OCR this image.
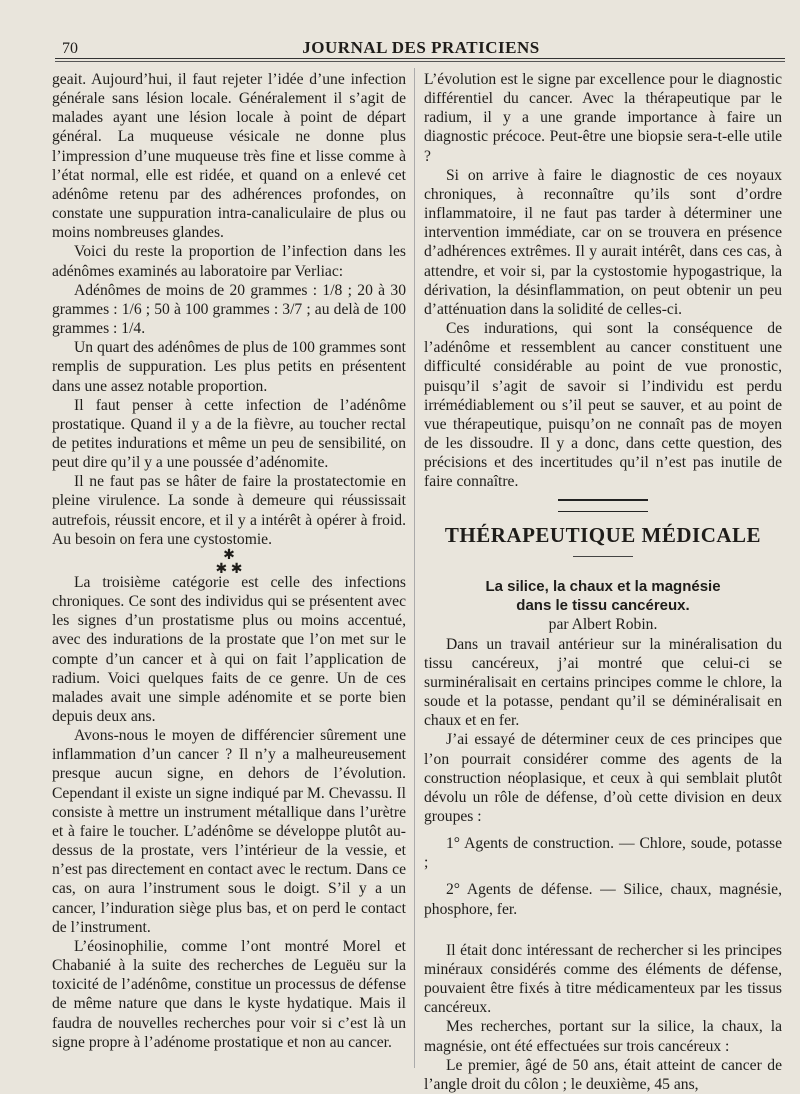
70	JOURNAL DES PRATICIENS

geait. Aujourd’hui, il faut rejeter l’idée d’une infection générale sans lésion locale. Généralement il s’agit de malades ayant une lésion locale à point de départ général. La muqueuse vésicale ne donne plus l’impression d’une muqueuse très fine et lisse comme à l’état normal, elle est ridée, et quand on a enlevé cet adénôme retenu par des adhérences profondes, on constate une suppuration intra-canaliculaire de plus ou moins nombreuses glandes.

Voici du reste la proportion de l’infection dans les adénômes examinés au laboratoire par Verliac:

Adénômes de moins de 20 grammes : 1/8 ; 20 à 30 grammes : 1/6 ; 50 à 100 grammes : 3/7 ; au delà de 100 grammes : 1/4.

Un quart des adénômes de plus de 100 grammes sont remplis de suppuration. Les plus petits en présentent dans une assez notable proportion.

Il faut penser à cette infection de l’adénôme prostatique. Quand il y a de la fièvre, au toucher rectal de petites indurations et même un peu de sensibilité, on peut dire qu’il y a une poussée d’adénomite.

Il ne faut pas se hâter de faire la prostatectomie en pleine virulence. La sonde à demeure qui réussissait autrefois, réussit encore, et il y a intérêt à opérer à froid. Au besoin on fera une cystostomie.

✱
✱ ✱

La troisième catégorie est celle des infections chroniques. Ce sont des individus qui se présentent avec les signes d’un prostatisme plus ou moins accentué, avec des indurations de la prostate que l’on met sur le compte d’un cancer et à qui on fait l’application de radium. Voici quelques faits de ce genre. Un de ces malades avait une simple adénomite et se porte bien depuis deux ans.

Avons-nous le moyen de différencier sûrement une inflammation d’un cancer ? Il n’y a malheureusement presque aucun signe, en dehors de l’évolution. Cependant il existe un signe indiqué par M. Chevassu. Il consiste à mettre un instrument métallique dans l’urètre et à faire le toucher. L’adénôme se développe plutôt au-dessus de la prostate, vers l’intérieur de la vessie, et n’est pas directement en contact avec le rectum. Dans ce cas, on aura l’instrument sous le doigt. S’il y a un cancer, l’induration siège plus bas, et on perd le contact de l’instrument.

L’éosinophilie, comme l’ont montré Morel et Chabanié à la suite des recherches de Leguëu sur la toxicité de l’adénôme, constitue un processus de défense de même nature que dans le kyste hydatique. Mais il faudra de nouvelles recherches pour voir si c’est là un signe propre à l’adénome prostatique et non au cancer.

L’évolution est le signe par excellence pour le diagnostic différentiel du cancer. Avec la thérapeutique par le radium, il y a une grande importance à faire un diagnostic précoce. Peut-être une biopsie sera-t-elle utile ?

Si on arrive à faire le diagnostic de ces noyaux chroniques, à reconnaître qu’ils sont d’ordre inflammatoire, il ne faut pas tarder à déterminer une intervention immédiate, car on se trouvera en présence d’adhérences extrêmes. Il y aurait intérêt, dans ces cas, à attendre, et voir si, par la cystostomie hypogastrique, la dérivation, la désinflammation, on peut obtenir un peu d’atténuation dans la solidité de celles-ci.

Ces indurations, qui sont la conséquence de l’adénôme et ressemblent au cancer constituent une difficulté considérable au point de vue pronostic, puisqu’il s’agit de savoir si l’individu est perdu irrémédiablement ou s’il peut se sauver, et au point de vue thérapeutique, puisqu’on ne connaît pas de moyen de les dissoudre. Il y a donc, dans cette question, des précisions et des incertitudes qu’il n’est pas inutile de faire connaître.

THÉRAPEUTIQUE MÉDICALE

La silice, la chaux et la magnésie

dans le tissu cancéreux.

par Albert Robin.

Dans un travail antérieur sur la minéralisation du tissu cancéreux, j’ai montré que celui-ci se surminéralisait en certains principes comme le chlore, la soude et la potasse, pendant qu’il se déminéralisait en chaux et en fer.

J’ai essayé de déterminer ceux de ces principes que l’on pourrait considérer comme des agents de la construction néoplasique, et ceux à qui semblait plutôt dévolu un rôle de défense, d’où cette division en deux groupes :

1° Agents de construction. — Chlore, soude, potasse ;

2° Agents de défense. — Silice, chaux, magnésie, phosphore, fer.

Il était donc intéressant de rechercher si les principes minéraux considérés comme des éléments de défense, pouvaient être fixés à titre médicamenteux par les tissus cancéreux.

Mes recherches, portant sur la silice, la chaux, la magnésie, ont été effectuées sur trois cancéreux :

Le premier, âgé de 50 ans, était atteint de cancer de l’angle droit du côlon ; le deuxième, 45 ans,
